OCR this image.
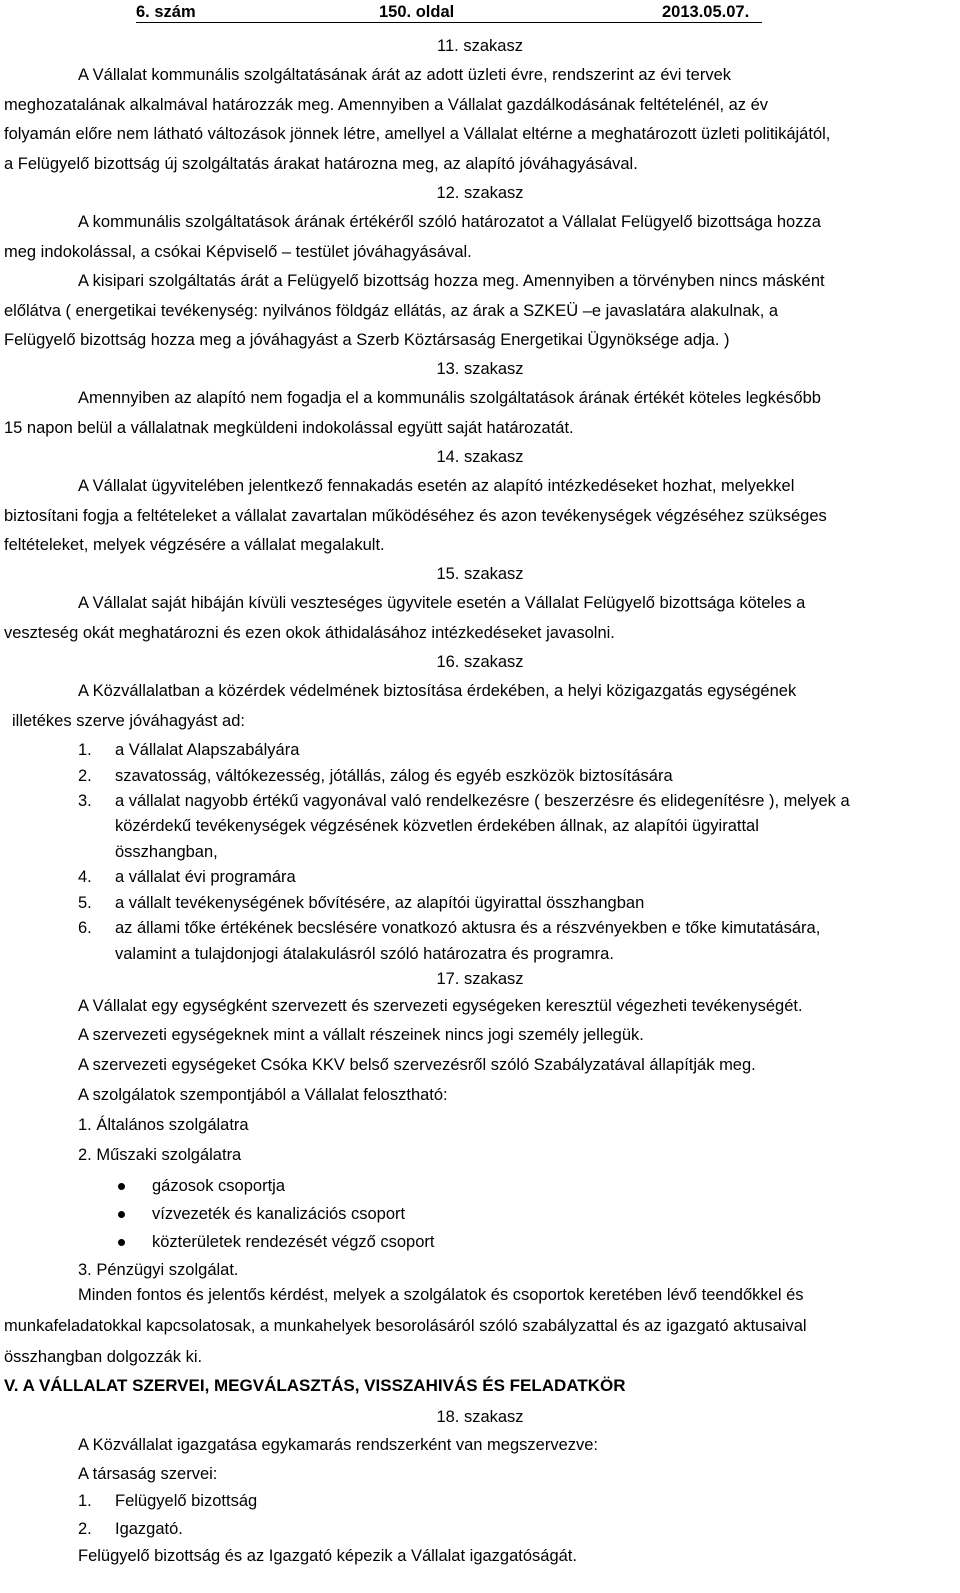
6. szám	150. oldal	2013.05.07.
11. szakasz
A Vállalat kommunális szolgáltatásának árát az adott üzleti évre, rendszerint az évi tervek
meghozatalának alkalmával határozzák meg. Amennyiben a Vállalat gazdálkodásának feltételénél, az év
folyamán előre nem látható változások jönnek létre, amellyel a Vállalat eltérne a meghatározott üzleti politikájától,
a Felügyelő bizottság új szolgáltatás árakat határozna meg, az alapító jóváhagyásával.
12. szakasz
A kommunális szolgáltatások árának értékéről szóló határozatot a Vállalat Felügyelő bizottsága hozza
meg indokolással, a csókai Képviselő – testület jóváhagyásával.
A kisipari szolgáltatás árát a Felügyelő bizottság hozza meg. Amennyiben a törvényben nincs másként
előlátva ( energetikai tevékenység: nyilvános földgáz ellátás, az árak a SZKEÜ –e javaslatára alakulnak, a
Felügyelő bizottság hozza meg a jóváhagyást a Szerb Köztársaság Energetikai Ügynöksége adja. )
13. szakasz
Amennyiben az alapító nem fogadja el a kommunális szolgáltatások árának értékét köteles legkésőbb
15 napon belül a vállalatnak megküldeni indokolással együtt saját határozatát.
14. szakasz
A Vállalat ügyvitelében jelentkező fennakadás esetén az alapító intézkedéseket hozhat, melyekkel
biztosítani fogja a feltételeket a vállalat zavartalan működéséhez és azon tevékenységek végzéséhez szükséges
feltételeket, melyek végzésére a vállalat megalakult.
15. szakasz
A Vállalat saját hibáján kívüli veszteséges ügyvitele esetén a Vállalat Felügyelő bizottsága köteles a
veszteség okát meghatározni és ezen okok áthidalásához intézkedéseket javasolni.
16. szakasz
A Közvállalatban a közérdek védelmének biztosítása érdekében, a helyi közigazgatás egységének
illetékes szerve jóváhagyást ad:
1. a Vállalat Alapszabályára
2. szavatosság, váltókezesség, jótállás, zálog és egyéb eszközök biztosítására
3. a vállalat nagyobb értékű vagyonával való rendelkezésre ( beszerzésre és elidegenítésre ), melyek a
közérdekű tevékenységek végzésének közvetlen érdekében állnak, az alapítói ügyirattal
összhangban,
4. a vállalat évi programára
5. a vállalt tevékenységének bővítésére, az alapítói ügyirattal összhangban
6. az állami tőke értékének becslésére vonatkozó aktusra és a részvényekben e tőke kimutatására,
valamint a tulajdonjogi átalakulásról szóló határozatra és programra.
17. szakasz
A Vállalat egy egységként szervezett és szervezeti egységeken keresztül végezheti tevékenységét.
A szervezeti egységeknek mint a vállalt részeinek nincs jogi személy jellegük.
A szervezeti egységeket Csóka KKV belső szervezésről szóló Szabályzatával állapítják meg.
A szolgálatok szempontjából a Vállalat felosztható:
1. Általános szolgálatra
2. Műszaki szolgálatra
gázosok csoportja
vízvezeték és kanalizációs csoport
közterületek rendezését végző csoport
3. Pénzügyi szolgálat.
Minden fontos és jelentős kérdést, melyek a szolgálatok és csoportok keretében lévő teendőkkel és
munkafeladatokkal kapcsolatosak, a munkahelyek besorolásáról szóló szabályzattal és az igazgató aktusaival
összhangban dolgozzák ki.
V. A VÁLLALAT SZERVEI, MEGVÁLASZTÁS, VISSZAHIVÁS ÉS FELADATKÖR
18. szakasz
A Közvállalat igazgatása egykamarás rendszerként van megszervezve:
A társaság szervei:
1. Felügyelő bizottság
2. Igazgató.
Felügyelő bizottság és az Igazgató képezik a Vállalat igazgatóságát.
